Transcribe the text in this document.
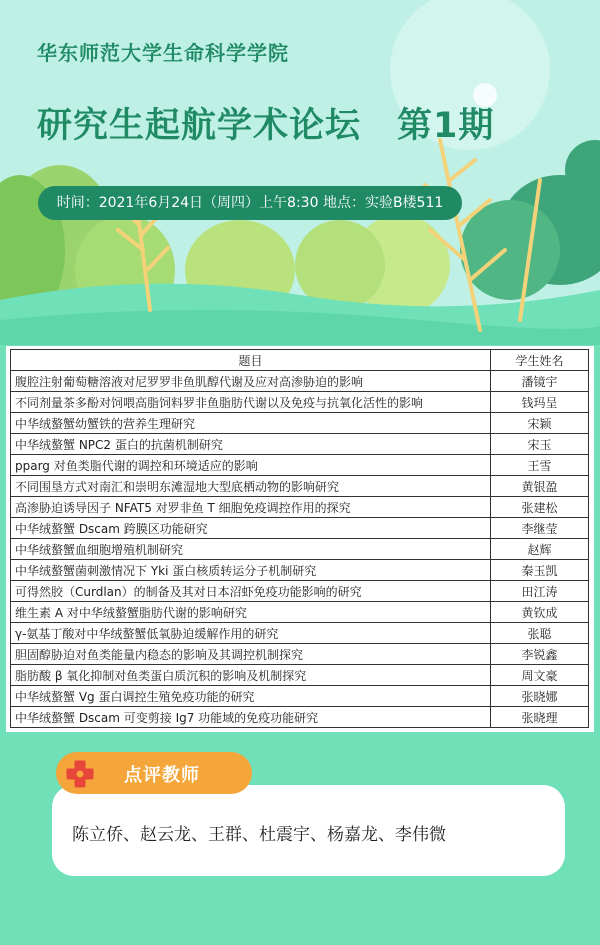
华东师范大学生命科学学院
研究生起航学术论坛　第1期
时间：2021年6月24日（周四）上午8:30 地点：实验B楼511
题目	学生姓名
腹腔注射葡萄糖溶液对尼罗罗非鱼肌醇代谢及应对高渗胁迫的影响	潘镜宇
不同剂量茶多酚对饲喂高脂饲料罗非鱼脂肪代谢以及免疫与抗氧化活性的影响	钱玛呈
中华绒螯蟹幼蟹铁的营养生理研究	宋颖
中华绒螯蟹 NPC2 蛋白的抗菌机制研究	宋玉
pparg 对鱼类脂代谢的调控和环境适应的影响	王雪
不同围垦方式对南汇和崇明东滩湿地大型底栖动物的影响研究	黄银盈
高渗胁迫诱导因子 NFAT5 对罗非鱼 T 细胞免疫调控作用的探究	张建松
中华绒螯蟹 Dscam 跨膜区功能研究	李继莹
中华绒螯蟹血细胞增殖机制研究	赵辉
中华绒螯蟹菌刺激情况下 Yki 蛋白核质转运分子机制研究	秦玉凯
可得然胶（Curdlan）的制备及其对日本沼虾免疫功能影响的研究	田江涛
维生素 A 对中华绒螯蟹脂肪代谢的影响研究	黄钦成
γ-氨基丁酸对中华绒螯蟹低氧胁迫缓解作用的研究	张聪
胆固醇胁迫对鱼类能量内稳态的影响及其调控机制探究	李锐鑫
脂肪酸 β 氧化抑制对鱼类蛋白质沉积的影响及机制探究	周文豪
中华绒螯蟹 Vg 蛋白调控生殖免疫功能的研究	张晓娜
中华绒螯蟹 Dscam 可变剪接 Ig7 功能域的免疫功能研究	张晓理
陈立侨、赵云龙、王群、杜震宇、杨嘉龙、李伟微
点评教师
